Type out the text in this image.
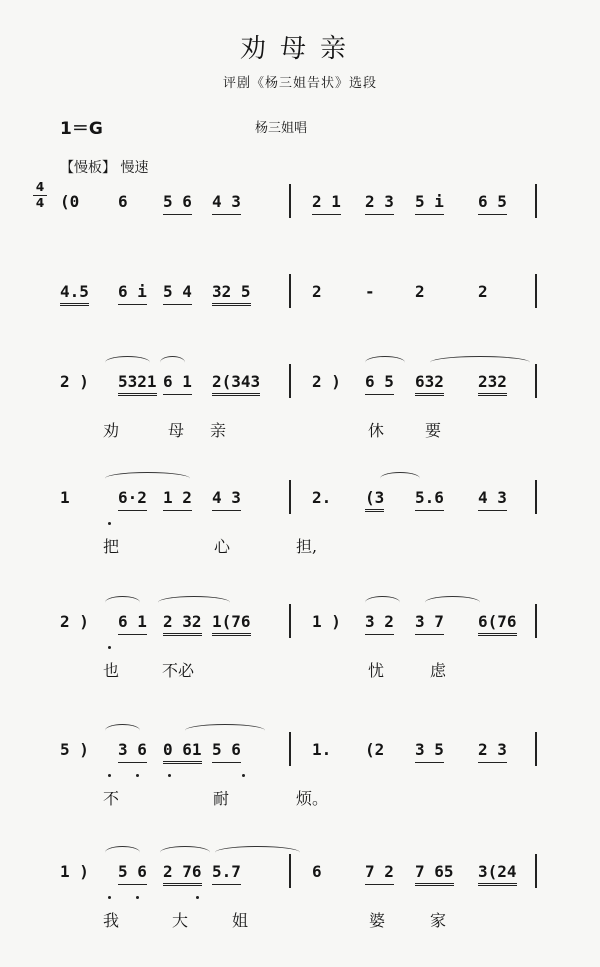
劝母亲
评剧《杨三姐告状》选段
1＝G	杨三姐唱
【慢板】 慢速
4
4 (0 6 5 6 4 3	2 1 2 3 5 i 6 5
4.5 6 i 5 4 32 5	2	-	2	2
2 ) 5321 6 1 2(343	2 ) 6 5 632 232
劝	母 亲	休	要
1	6·2 1 2 4 3	2. (3 5.6 4 3
把	心	担,
2 ) 6 1 2 32 1(76	1 ) 3 2 3 7 6(76
也	不必	忧	虑
5 ) 3 6 0 61 5 6	1. (2 3 5 2 3
不	耐	烦。
1 ) 5 6 2 76 5.7	6	7 2 7 65 3(24
我	大	姐	婆	家
